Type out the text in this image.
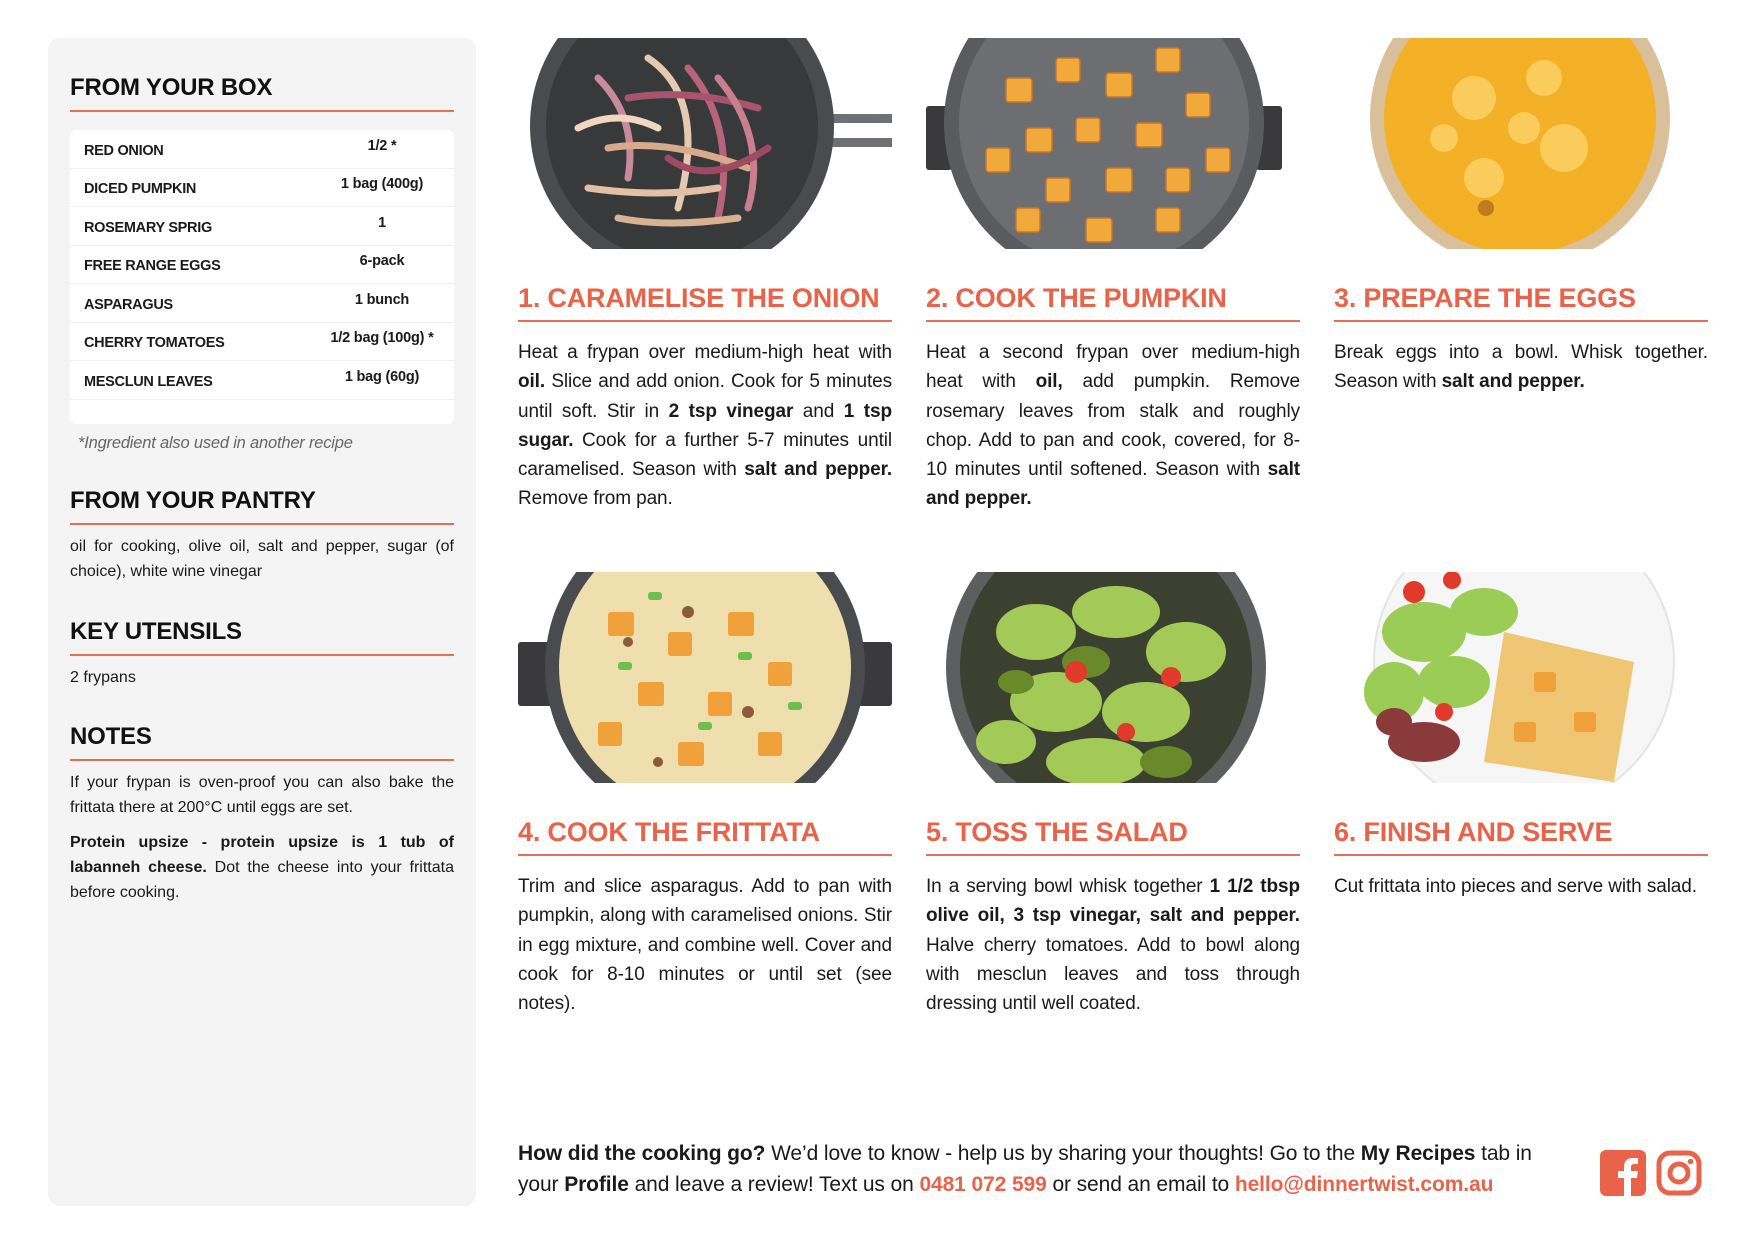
FROM YOUR BOX
RED ONION	1/2 *
DICED PUMPKIN	1 bag (400g)
ROSEMARY SPRIG	1
FREE RANGE EGGS	6-pack
ASPARAGUS	1 bunch
CHERRY TOMATOES	1/2 bag (100g) *
MESCLUN LEAVES	1 bag (60g)
*Ingredient also used in another recipe
FROM YOUR PANTRY
oil for cooking, olive oil, salt and pepper, sugar (of choice), white wine vinegar
KEY UTENSILS
2 frypans
NOTES

If your frypan is oven-proof you can also bake the frittata there at 200°C until eggs are set.

Protein upsize - protein upsize is 1 tub of labanneh cheese. Dot the cheese into your frittata before cooking.

1. CARAMELISE THE ONION
Heat a frypan over medium-high heat with oil. Slice and add onion. Cook for 5 minutes until soft. Stir in 2 tsp vinegar and 1 tsp sugar. Cook for a further 5-7 minutes until caramelised. Season with salt and pepper. Remove from pan.
2. COOK THE PUMPKIN
Heat a second frypan over medium-high heat with oil, add pumpkin. Remove rosemary leaves from stalk and roughly chop. Add to pan and cook, covered, for 8-10 minutes until softened. Season with salt and pepper.
3. PREPARE THE EGGS
Break eggs into a bowl. Whisk together. Season with salt and pepper.
4. COOK THE FRITTATA
Trim and slice asparagus. Add to pan with pumpkin, along with caramelised onions. Stir in egg mixture, and combine well. Cover and cook for 8-10 minutes or until set (see notes).
5. TOSS THE SALAD
In a serving bowl whisk together 1 1/2 tbsp olive oil, 3 tsp vinegar, salt and pepper. Halve cherry tomatoes. Add to bowl along with mesclun leaves and toss through dressing until well coated.
6. FINISH AND SERVE
Cut frittata into pieces and serve with salad.
How did the cooking go? We’d love to know - help us by sharing your thoughts! Go to the My Recipes tab in your Profile and leave a review! Text us on 0481 072 599 or send an email to hello@dinnertwist.com.au
